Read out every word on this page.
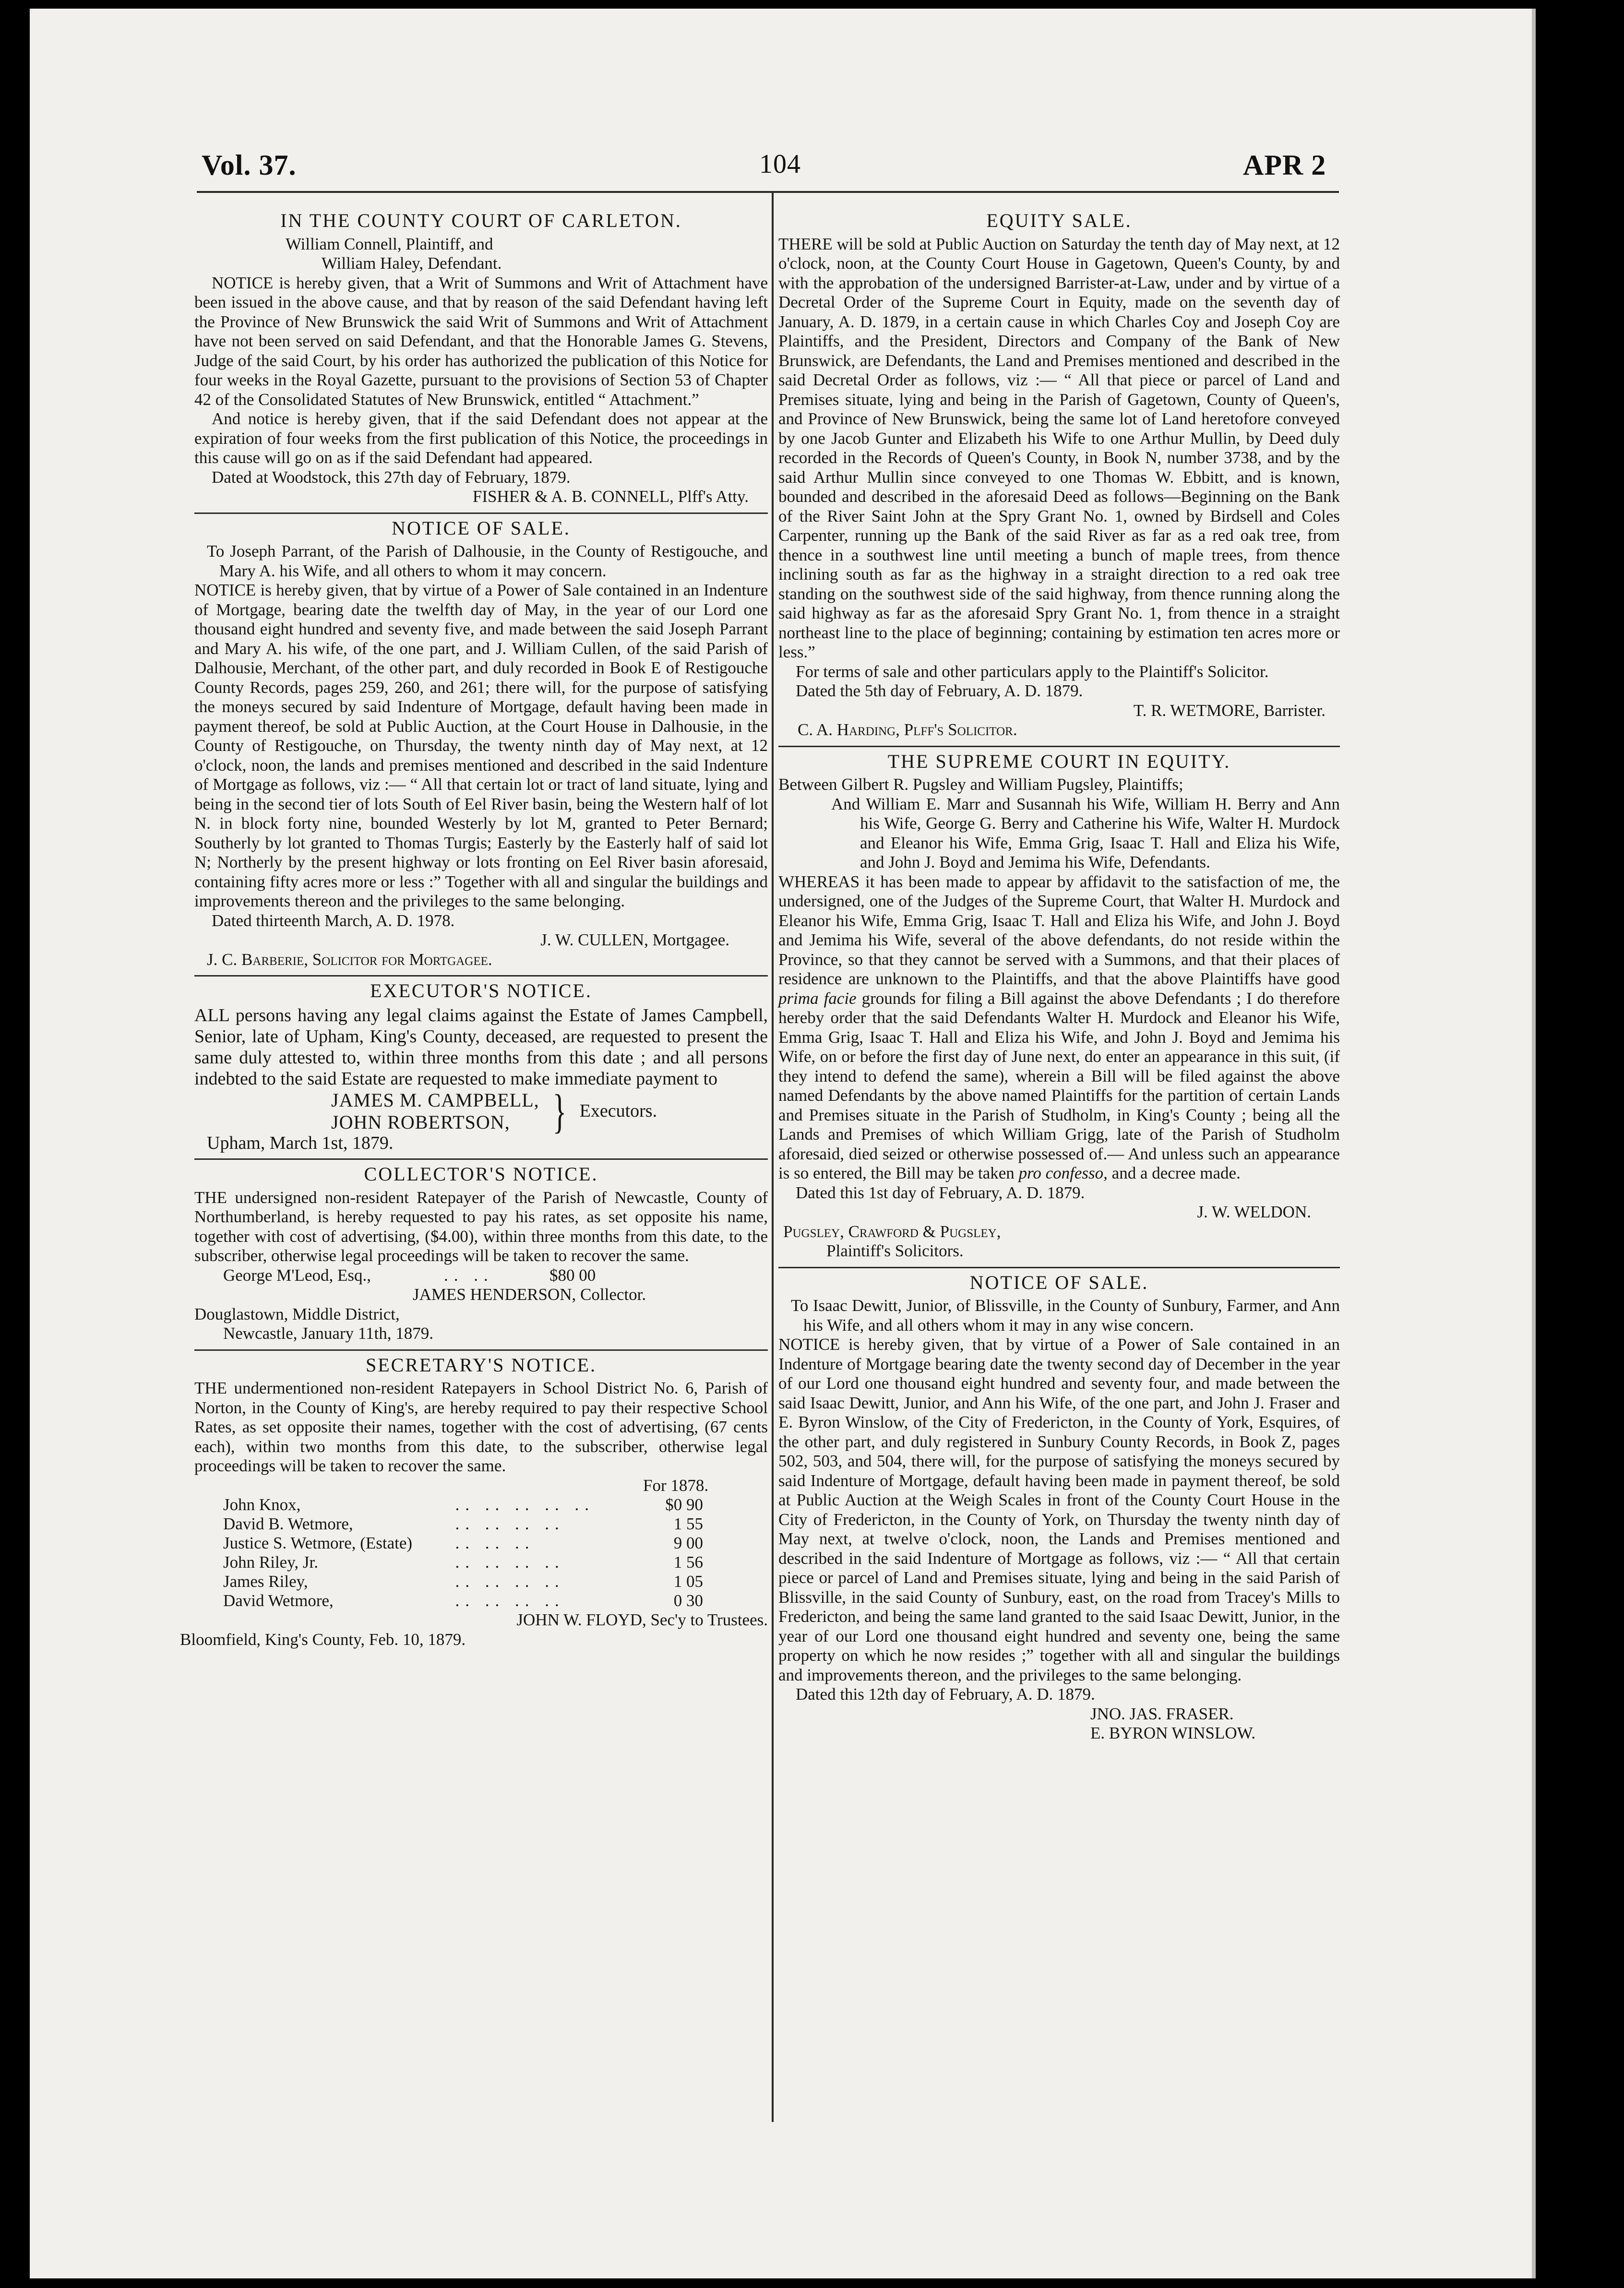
Vol. 37.	104	APR 2
IN THE COUNTY COURT OF CARLETON.
William Connell, Plaintiff, and
William Haley, Defendant.

NOTICE is hereby given, that a Writ of Summons and Writ of Attachment have been issued in the above cause, and that by reason of the said Defendant having left the Province of New Brunswick the said Writ of Summons and Writ of Attachment have not been served on said Defendant, and that the Honorable James G. Stevens, Judge of the said Court, by his order has authorized the publication of this Notice for four weeks in the Royal Gazette, pursuant to the provisions of Section 53 of Chapter 42 of the Consolidated Statutes of New Brunswick, entitled “ Attachment.”

And notice is hereby given, that if the said Defendant does not appear at the expiration of four weeks from the first publication of this Notice, the proceedings in this cause will go on as if the said Defendant had appeared.

Dated at Woodstock, this 27th day of February, 1879.

FISHER & A. B. CONNELL, Plff's Atty.

NOTICE OF SALE.

To Joseph Parrant, of the Parish of Dalhousie, in the County of Restigouche, and Mary A. his Wife, and all others to whom it may concern.

NOTICE is hereby given, that by virtue of a Power of Sale contained in an Indenture of Mortgage, bearing date the twelfth day of May, in the year of our Lord one thousand eight hundred and seventy five, and made between the said Joseph Parrant and Mary A. his wife, of the one part, and J. William Cullen, of the said Parish of Dalhousie, Merchant, of the other part, and duly recorded in Book E of Restigouche County Records, pages 259, 260, and 261; there will, for the purpose of satisfying the moneys secured by said Indenture of Mortgage, default having been made in payment thereof, be sold at Public Auction, at the Court House in Dalhousie, in the County of Restigouche, on Thursday, the twenty ninth day of May next, at 12 o'clock, noon, the lands and premises mentioned and described in the said Indenture of Mortgage as follows, viz :— “ All that certain lot or tract of land situate, lying and being in the second tier of lots South of Eel River basin, being the Western half of lot N. in block forty nine, bounded Westerly by lot M, granted to Peter Bernard; Southerly by lot granted to Thomas Turgis; Easterly by the Easterly half of said lot N; Northerly by the present highway or lots fronting on Eel River basin aforesaid, containing fifty acres more or less :” Together with all and singular the buildings and improvements thereon and the privileges to the same belonging.

Dated thirteenth March, A. D. 1978.

J. W. CULLEN, Mortgagee.

J. C. Barberie, Solicitor for Mortgagee.

EXECUTOR'S NOTICE.

ALL persons having any legal claims against the Estate of James Campbell, Senior, late of Upham, King's County, deceased, are requested to present the same duly attested to, within three months from this date ; and all persons indebted to the said Estate are requested to make immediate payment to

JAMES M. CAMPBELL,
JOHN ROBERTSON, } Executors.

Upham, March 1st, 1879.

COLLECTOR'S NOTICE.

THE undersigned non-resident Ratepayer of the Parish of Newcastle, County of Northumberland, is hereby requested to pay his rates, as set opposite his name, together with cost of advertising, ($4.00), within three months from this date, to the subscriber, otherwise legal proceedings will be taken to recover the same.

George M'Leod, Esq.,	.. ..	$80 00

JAMES HENDERSON, Collector.

Douglastown, Middle District,

Newcastle, January 11th, 1879.

SECRETARY'S NOTICE.

THE undermentioned non-resident Ratepayers in School District No. 6, Parish of Norton, in the County of King's, are hereby required to pay their respective School Rates, as set opposite their names, together with the cost of advertising, (67 cents each), within two months from this date, to the subscriber, otherwise legal proceedings will be taken to recover the same.

For 1878.
John Knox,	.. .. .. .. ..	$0 90
David B. Wetmore,	.. .. .. ..	1 55
Justice S. Wetmore, (Estate)	.. .. ..	9 00
John Riley, Jr.	.. .. .. ..	1 56
James Riley,	.. .. .. ..	1 05
David Wetmore,	.. .. .. ..	0 30

JOHN W. FLOYD, Sec'y to Trustees.

Bloomfield, King's County, Feb. 10, 1879.

EQUITY SALE.

THERE will be sold at Public Auction on Saturday the tenth day of May next, at 12 o'clock, noon, at the County Court House in Gagetown, Queen's County, by and with the approbation of the undersigned Barrister-at-Law, under and by virtue of a Decretal Order of the Supreme Court in Equity, made on the seventh day of January, A. D. 1879, in a certain cause in which Charles Coy and Joseph Coy are Plaintiffs, and the President, Directors and Company of the Bank of New Brunswick, are Defendants, the Land and Premises mentioned and described in the said Decretal Order as follows, viz :— “ All that piece or parcel of Land and Premises situate, lying and being in the Parish of Gagetown, County of Queen's, and Province of New Brunswick, being the same lot of Land heretofore conveyed by one Jacob Gunter and Elizabeth his Wife to one Arthur Mullin, by Deed duly recorded in the Records of Queen's County, in Book N, number 3738, and by the said Arthur Mullin since conveyed to one Thomas W. Ebbitt, and is known, bounded and described in the aforesaid Deed as follows—Beginning on the Bank of the River Saint John at the Spry Grant No. 1, owned by Birdsell and Coles Carpenter, running up the Bank of the said River as far as a red oak tree, from thence in a southwest line until meeting a bunch of maple trees, from thence inclining south as far as the highway in a straight direction to a red oak tree standing on the southwest side of the said highway, from thence running along the said highway as far as the aforesaid Spry Grant No. 1, from thence in a straight northeast line to the place of beginning; containing by estimation ten acres more or less.”

For terms of sale and other particulars apply to the Plaintiff's Solicitor.

Dated the 5th day of February, A. D. 1879.

T. R. WETMORE, Barrister.

C. A. Harding, Plff's Solicitor.

THE SUPREME COURT IN EQUITY.

Between Gilbert R. Pugsley and William Pugsley, Plaintiffs;

And William E. Marr and Susannah his Wife, William H. Berry and Ann his Wife, George G. Berry and Catherine his Wife, Walter H. Murdock and Eleanor his Wife, Emma Grig, Isaac T. Hall and Eliza his Wife, and John J. Boyd and Jemima his Wife, Defendants.

WHEREAS it has been made to appear by affidavit to the satisfaction of me, the undersigned, one of the Judges of the Supreme Court, that Walter H. Murdock and Eleanor his Wife, Emma Grig, Isaac T. Hall and Eliza his Wife, and John J. Boyd and Jemima his Wife, several of the above defendants, do not reside within the Province, so that they cannot be served with a Summons, and that their places of residence are unknown to the Plaintiffs, and that the above Plaintiffs have good prima facie grounds for filing a Bill against the above Defendants ; I do therefore hereby order that the said Defendants Walter H. Murdock and Eleanor his Wife, Emma Grig, Isaac T. Hall and Eliza his Wife, and John J. Boyd and Jemima his Wife, on or before the first day of June next, do enter an appearance in this suit, (if they intend to defend the same), wherein a Bill will be filed against the above named Defendants by the above named Plaintiffs for the partition of certain Lands and Premises situate in the Parish of Studholm, in King's County ; being all the Lands and Premises of which William Grigg, late of the Parish of Studholm aforesaid, died seized or otherwise possessed of.— And unless such an appearance is so entered, the Bill may be taken pro confesso, and a decree made.

Dated this 1st day of February, A. D. 1879.

J. W. WELDON.

Pugsley, Crawford & Pugsley,

Plaintiff's Solicitors.

NOTICE OF SALE.

To Isaac Dewitt, Junior, of Blissville, in the County of Sunbury, Farmer, and Ann his Wife, and all others whom it may in any wise concern.

NOTICE is hereby given, that by virtue of a Power of Sale contained in an Indenture of Mortgage bearing date the twenty second day of December in the year of our Lord one thousand eight hundred and seventy four, and made between the said Isaac Dewitt, Junior, and Ann his Wife, of the one part, and John J. Fraser and E. Byron Winslow, of the City of Fredericton, in the County of York, Esquires, of the other part, and duly registered in Sunbury County Records, in Book Z, pages 502, 503, and 504, there will, for the purpose of satisfying the moneys secured by said Indenture of Mortgage, default having been made in payment thereof, be sold at Public Auction at the Weigh Scales in front of the County Court House in the City of Fredericton, in the County of York, on Thursday the twenty ninth day of May next, at twelve o'clock, noon, the Lands and Premises mentioned and described in the said Indenture of Mortgage as follows, viz :— “ All that certain piece or parcel of Land and Premises situate, lying and being in the said Parish of Blissville, in the said County of Sunbury, east, on the road from Tracey's Mills to Fredericton, and being the same land granted to the said Isaac Dewitt, Junior, in the year of our Lord one thousand eight hundred and seventy one, being the same property on which he now resides ;” together with all and singular the buildings and improvements thereon, and the privileges to the same belonging.

Dated this 12th day of February, A. D. 1879.

JNO. JAS. FRASER.

E. BYRON WINSLOW.
